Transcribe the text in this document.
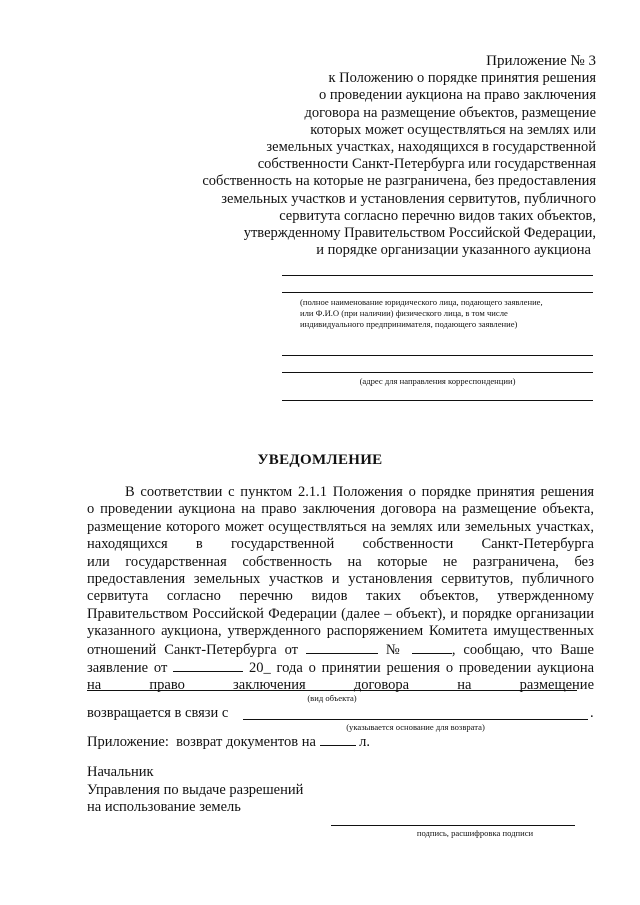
Приложение № 3
к Положению о порядке принятия решения
о проведении аукциона на право заключения
договора на размещение объектов, размещение
которых может осуществляться на землях или
земельных участках, находящихся в государственной
собственности Санкт-Петербурга или государственная
собственность на которые не разграничена, без предоставления
земельных участков и установления сервитутов, публичного
сервитута согласно перечню видов таких объектов,
утвержденному Правительством Российской Федерации,
и порядке организации указанного аукциона
(полное наименование юридического лица, подающего заявление,
или Ф.И.О (при наличии) физического лица, в том числе
индивидуального предпринимателя, подающего заявление)
(адрес для направления корреспонденции)
УВЕДОМЛЕНИЕ
В соответствии с пунктом 2.1.1 Положения о порядке принятия решения
о проведении аукциона на право заключения договора на размещение объекта,
размещение которого может осуществляться на землях или земельных участках,
находящихся в государственной собственности Санкт-Петербурга
или государственная собственность на которые не разграничена, без
предоставления земельных участков и установления сервитутов, публичного
сервитута согласно перечню видов таких объектов, утвержденному
Правительством Российской Федерации (далее – объект), и порядке организации
указанного аукциона, утвержденного распоряжением Комитета имущественных
отношений Санкт-Петербурга от	№	, сообщаю, что Ваше
заявление от	20_ года о принятии решения о проведении аукциона
на право заключения договора на размещение
(вид объекта)
возвращается в связи с	.
(указывается основание для возврата)
Приложение: возврат документов на	л.
Начальник
Управления по выдаче разрешений
на использование земель
подпись, расшифровка подписи
